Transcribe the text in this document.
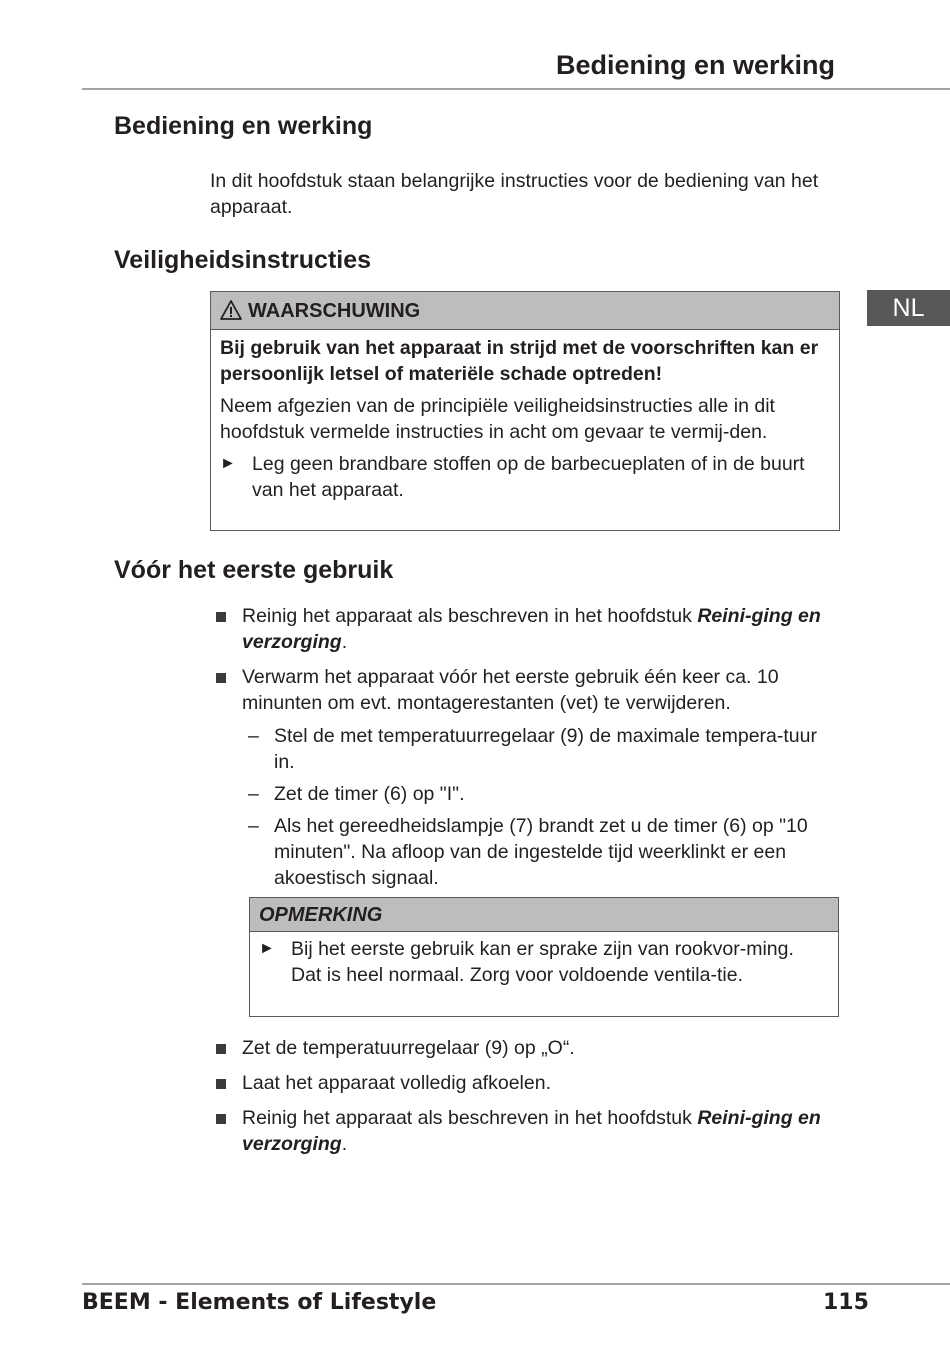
Bediening en werking
NL
Bediening en werking
In dit hoofdstuk staan belangrijke instructies voor de bediening van het apparaat.
Veiligheidsinstructies
WAARSCHUWING
Bij gebruik van het apparaat in strijd met de voorschriften kan er persoonlijk letsel of materiële schade optreden!
Neem afgezien van de principiële veiligheidsinstructies alle in dit hoofdstuk vermelde instructies in acht om gevaar te vermij-den.
► Leg geen brandbare stoffen op de barbecueplaten of in de buurt van het apparaat.
Vóór het eerste gebruik
Reinig het apparaat als beschreven in het hoofdstuk Reini-ging en verzorging.
Verwarm het apparaat vóór het eerste gebruik één keer ca. 10 minunten om evt. montagerestanten (vet) te verwijderen.
– Stel de met temperatuurregelaar (9) de maximale tempera-tuur in.
– Zet de timer (6) op "I".
– Als het gereedheidslampje (7) brandt zet u de timer (6) op "10 minuten". Na afloop van de ingestelde tijd weerklinkt er een akoestisch signaal.
OPMERKING
► Bij het eerste gebruik kan er sprake zijn van rookvor-ming. Dat is heel normaal. Zorg voor voldoende ventila-tie.
Zet de temperatuurregelaar (9) op „O“.
Laat het apparaat volledig afkoelen.
Reinig het apparaat als beschreven in het hoofdstuk Reini-ging en verzorging.
BEEM - Elements of Lifestyle	115
